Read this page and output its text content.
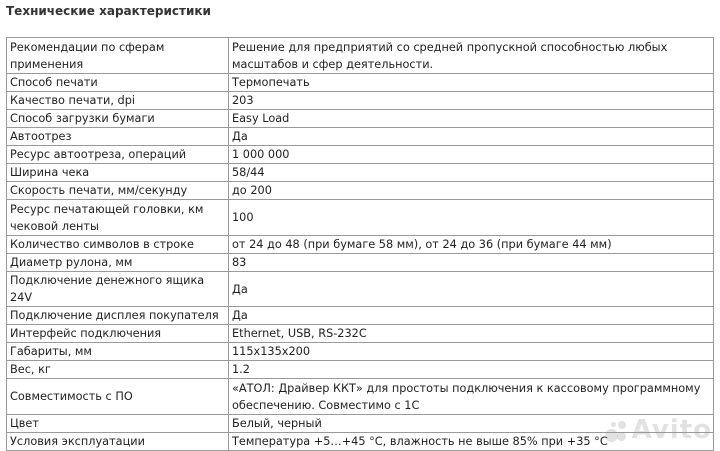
Технические характеристики
Рекомендации по сферам применения	Решение для предприятий со средней пропускной способностью любых масштабов и сфер деятельности.
Способ печати	Термопечать
Качество печати, dpi	203
Способ загрузки бумаги	Easy Load
Автоотрез	Да
Ресурс автоотреза, операций	1 000 000
Ширина чека	58/44
Скорость печати, мм/секунду	до 200
Ресурс печатающей головки, км чековой ленты	100
Количество символов в строке	от 24 до 48 (при бумаге 58 мм), от 24 до 36 (при бумаге 44 мм)
Диаметр рулона, мм	83
Подключение денежного ящика 24V	Да
Подключение дисплея покупателя	Да
Интерфейс подключения	Ethernet, USB, RS-232C
Габариты, мм	115x135x200
Вес, кг	1.2
Совместимость с ПО	«АТОЛ: Драйвер ККТ» для простоты подключения к кассовому программному обеспечению. Совместимо с 1С
Цвет	Белый, черный
Условия эксплуатации	Температура +5…+45 °С, влажность не выше 85% при +35 °С Avito
